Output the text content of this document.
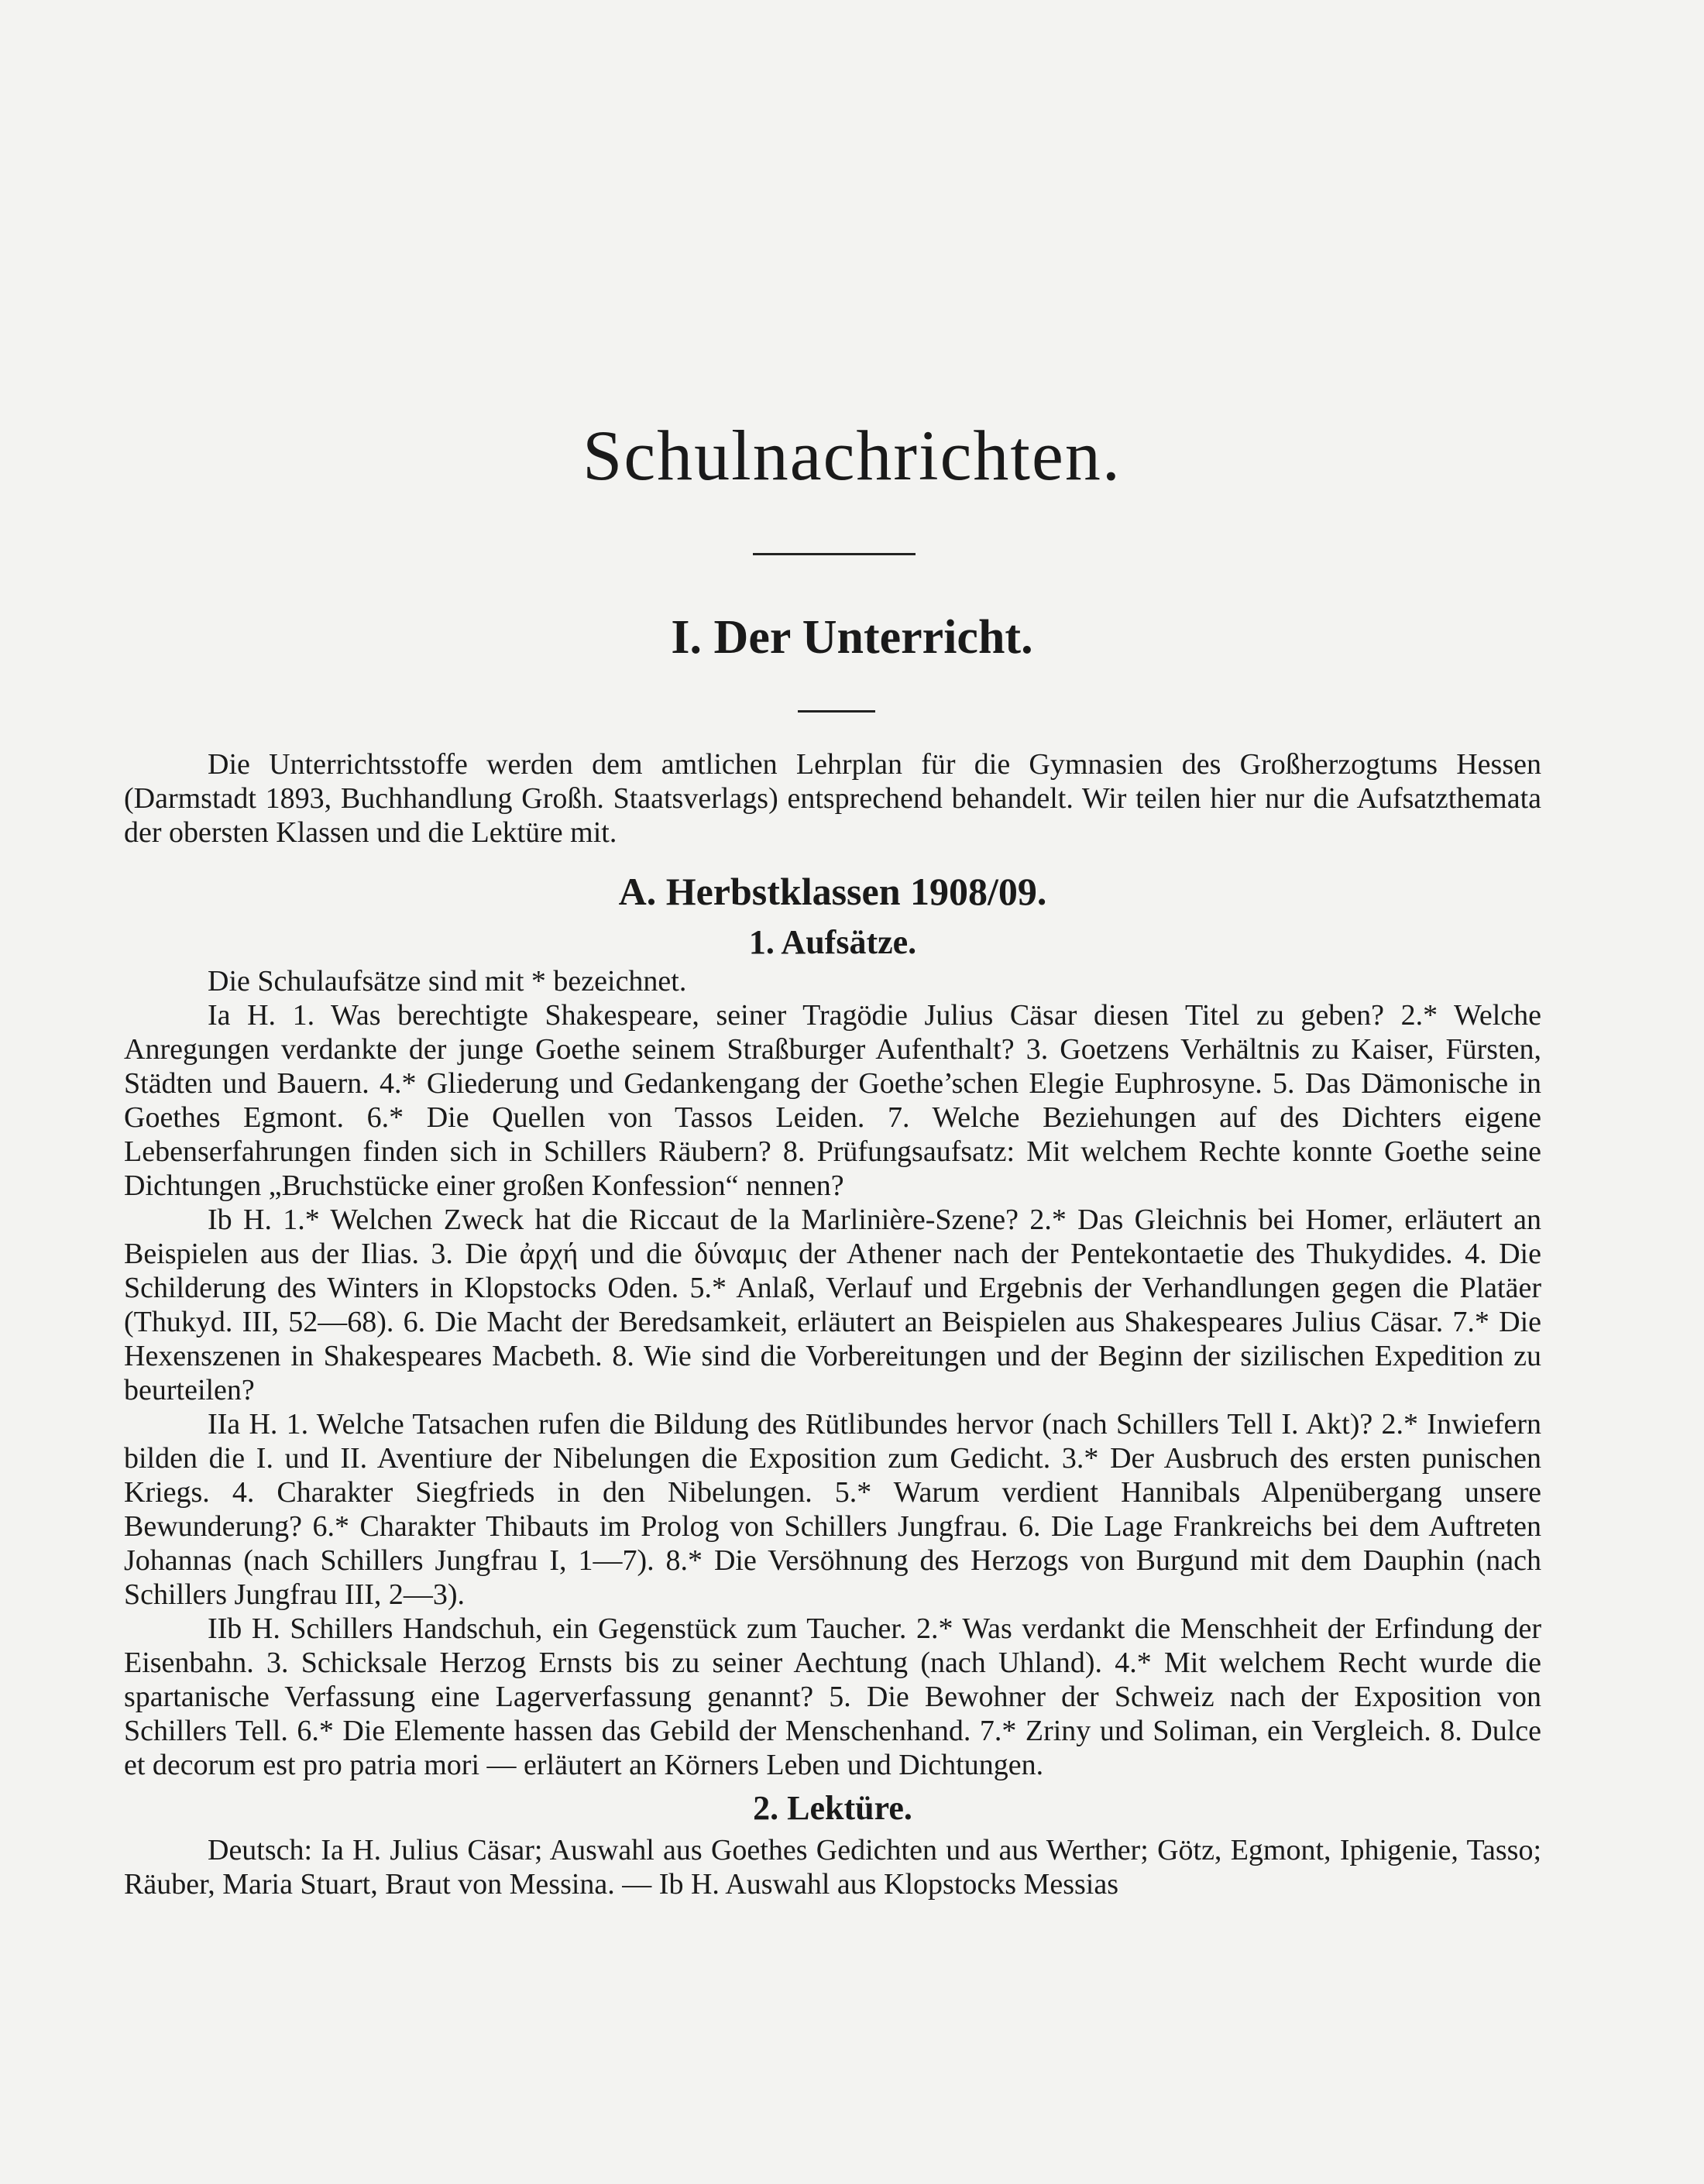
Schulnachrichten.
I. Der Unterricht.

Die Unterrichtsstoffe werden dem amtlichen Lehrplan für die Gymnasien des Großherzogtums Hessen (Darmstadt 1893, Buchhandlung Großh. Staatsverlags) entsprechend behandelt. Wir teilen hier nur die Aufsatzthemata der obersten Klassen und die Lektüre mit.

A. Herbstklassen 1908/09.
1. Aufsätze.

Die Schulaufsätze sind mit * bezeichnet.

Ia H. 1. Was berechtigte Shakespeare, seiner Tragödie Julius Cäsar diesen Titel zu geben? 2.* Welche Anregungen verdankte der junge Goethe seinem Straßburger Aufenthalt? 3. Goetzens Verhältnis zu Kaiser, Fürsten, Städten und Bauern. 4.* Gliederung und Gedankengang der Goethe’schen Elegie Euphrosyne. 5. Das Dämonische in Goethes Egmont. 6.* Die Quellen von Tassos Leiden. 7. Welche Beziehungen auf des Dichters eigene Lebenserfahrungen finden sich in Schillers Räubern? 8. Prüfungsaufsatz: Mit welchem Rechte konnte Goethe seine Dichtungen „Bruchstücke einer großen Konfession“ nennen?

Ib H. 1.* Welchen Zweck hat die Riccaut de la Marlinière-Szene? 2.* Das Gleichnis bei Homer, erläutert an Beispielen aus der Ilias. 3. Die ἀρχή und die δύναμις der Athener nach der Pentekontaetie des Thukydides. 4. Die Schilderung des Winters in Klopstocks Oden. 5.* Anlaß, Verlauf und Ergebnis der Verhandlungen gegen die Platäer (Thukyd. III, 52—68). 6. Die Macht der Beredsamkeit, erläutert an Beispielen aus Shakespeares Julius Cäsar. 7.* Die Hexenszenen in Shakespeares Macbeth. 8. Wie sind die Vorbereitungen und der Beginn der sizilischen Expedition zu beurteilen?

IIa H. 1. Welche Tatsachen rufen die Bildung des Rütlibundes hervor (nach Schillers Tell I. Akt)? 2.* Inwiefern bilden die I. und II. Aventiure der Nibelungen die Exposition zum Gedicht. 3.* Der Ausbruch des ersten punischen Kriegs. 4. Charakter Siegfrieds in den Nibelungen. 5.* Warum verdient Hannibals Alpenübergang unsere Bewunderung? 6.* Charakter Thibauts im Prolog von Schillers Jungfrau. 6. Die Lage Frankreichs bei dem Auftreten Johannas (nach Schillers Jungfrau I, 1—7). 8.* Die Versöhnung des Herzogs von Burgund mit dem Dauphin (nach Schillers Jungfrau III, 2—3).

IIb H. Schillers Handschuh, ein Gegenstück zum Taucher. 2.* Was verdankt die Menschheit der Erfindung der Eisenbahn. 3. Schicksale Herzog Ernsts bis zu seiner Aechtung (nach Uhland). 4.* Mit welchem Recht wurde die spartanische Verfassung eine Lagerverfassung genannt? 5. Die Bewohner der Schweiz nach der Exposition von Schillers Tell. 6.* Die Elemente hassen das Gebild der Menschenhand. 7.* Zriny und Soliman, ein Vergleich. 8. Dulce et decorum est pro patria mori — erläutert an Körners Leben und Dichtungen.

2. Lektüre.

Deutsch: Ia H. Julius Cäsar; Auswahl aus Goethes Gedichten und aus Werther; Götz, Egmont, Iphigenie, Tasso; Räuber, Maria Stuart, Braut von Messina. — Ib H. Auswahl aus Klopstocks Messias
